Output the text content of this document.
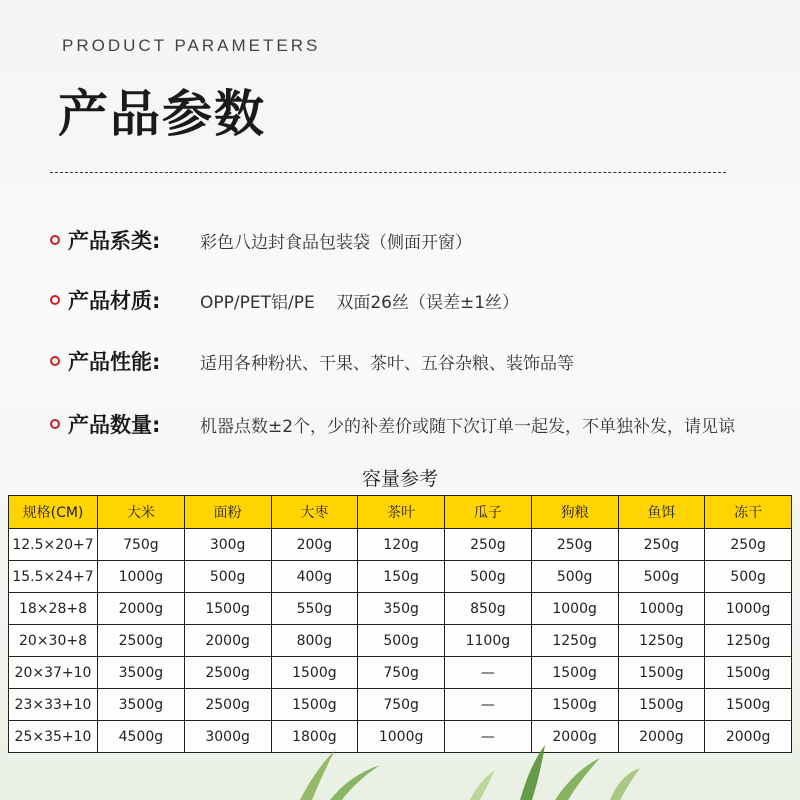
PRODUCT PARAMETERS
产品参数
产品系类:	彩色八边封食品包装袋（侧面开窗）
产品材质:	OPP/PET铝/PE    双面26丝（误差±1丝）
产品性能:	适用各种粉状、干果、茶叶、五谷杂粮、装饰品等
产品数量:	机器点数±2个，少的补差价或随下次订单一起发，不单独补发，请见谅
容量参考
规格(CM)	大米	面粉	大枣	茶叶	瓜子	狗粮	鱼饵	冻干
12.5×20+7	750g	300g	200g	120g	250g	250g	250g	250g
15.5×24+7	1000g	500g	400g	150g	500g	500g	500g	500g
18×28+8	2000g	1500g	550g	350g	850g	1000g	1000g	1000g
20×30+8	2500g	2000g	800g	500g	1100g	1250g	1250g	1250g
20×37+10	3500g	2500g	1500g	750g	—	1500g	1500g	1500g
23×33+10	3500g	2500g	1500g	750g	—	1500g	1500g	1500g
25×35+10	4500g	3000g	1800g	1000g	—	2000g	2000g	2000g
